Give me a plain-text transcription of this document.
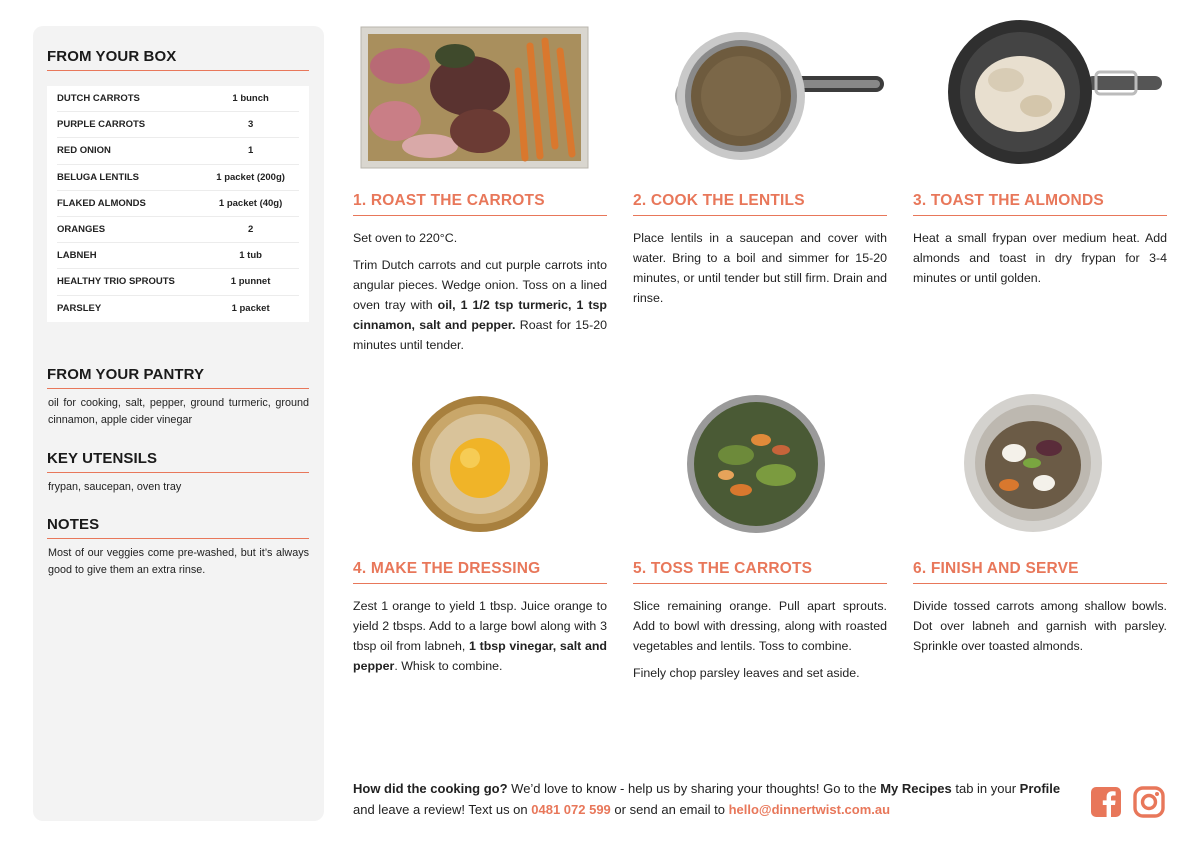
FROM YOUR BOX
DUTCH CARROTS	1 bunch
PURPLE CARROTS	3
RED ONION	1
BELUGA LENTILS	1 packet (200g)
FLAKED ALMONDS	1 packet (40g)
ORANGES	2
LABNEH	1 tub
HEALTHY TRIO SPROUTS	1 punnet
PARSLEY	1 packet
FROM YOUR PANTRY
oil for cooking, salt, pepper, ground turmeric, ground cinnamon, apple cider vinegar
KEY UTENSILS
frypan, saucepan, oven tray
NOTES
Most of our veggies come pre-washed, but it’s always good to give them an extra rinse.
1. ROAST THE CARROTS

Set oven to 220°C.

Trim Dutch carrots and cut purple carrots into angular pieces. Wedge onion. Toss on a lined oven tray with oil, 1 1/2 tsp turmeric, 1 tsp cinnamon, salt and pepper. Roast for 15-20 minutes until tender.

2. COOK THE LENTILS

Place lentils in a saucepan and cover with water. Bring to a boil and simmer for 15-20 minutes, or until tender but still firm. Drain and rinse.

3. TOAST THE ALMONDS

Heat a small frypan over medium heat. Add almonds and toast in dry frypan for 3-4 minutes or until golden.

4. MAKE THE DRESSING

Zest 1 orange to yield 1 tbsp. Juice orange to yield 2 tbsps. Add to a large bowl along with 3 tbsp oil from labneh, 1 tbsp vinegar, salt and pepper. Whisk to combine.

5. TOSS THE CARROTS

Slice remaining orange. Pull apart sprouts. Add to bowl with dressing, along with roasted vegetables and lentils. Toss to combine.

Finely chop parsley leaves and set aside.

6. FINISH AND SERVE

Divide tossed carrots among shallow bowls. Dot over labneh and garnish with parsley. Sprinkle over toasted almonds.

How did the cooking go? We’d love to know - help us by sharing your thoughts! Go to the My Recipes tab in your Profile and leave a review! Text us on 0481 072 599 or send an email to hello@dinnertwist.com.au
